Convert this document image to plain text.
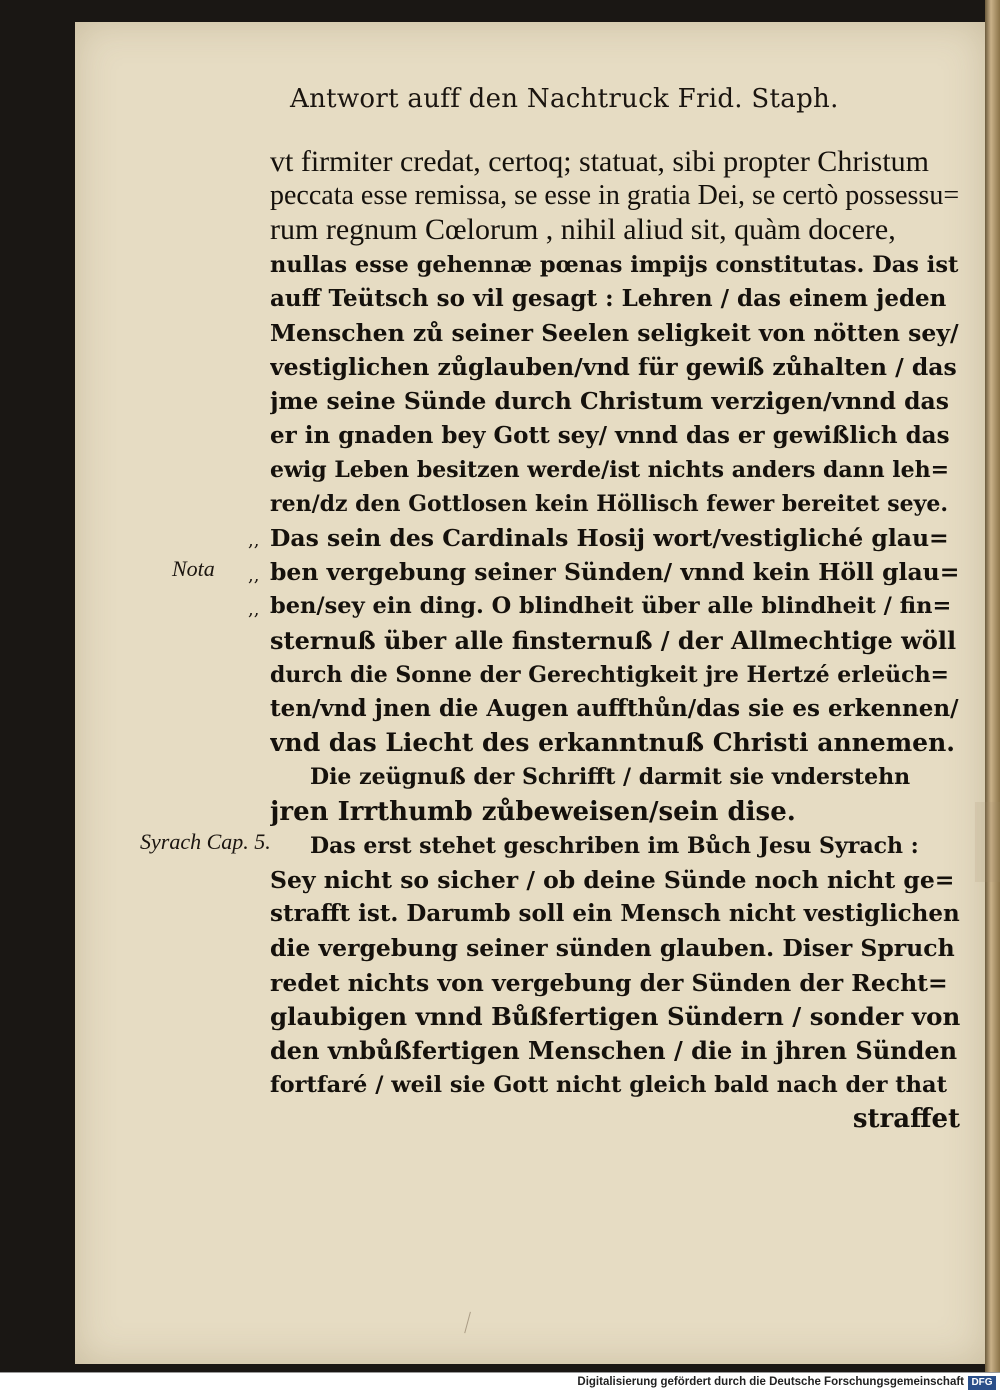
Antwort auff den Nachtruck Frid. Staph.
Nota
Syrach Cap. 5.
,,
,,
,,
vt firmiter credat, certoq; statuat, sibi propter Christum
peccata esse remissa, se esse in gratia Dei, se certò possessu=
rum regnum Cœlorum , nihil aliud sit, quàm docere,
nullas esse gehennæ pœnas impijs constitutas. Das ist
auff Teütsch so vil gesagt : Lehren / das einem jeden
Menschen zů seiner Seelen seligkeit von nötten sey/
vestiglichen zůglauben/vnd für gewiß zůhalten / das
jme seine Sünde durch Christum verzigen/vnnd das
er in gnaden bey Gott sey/ vnnd das er gewißlich das
ewig Leben besitzen werde/ist nichts anders dann leh=
ren/dz den Gottlosen kein Höllisch fewer bereitet seye.
Das sein des Cardinals Hosij wort/vestigliché glau=
ben vergebung seiner Sünden/ vnnd kein Höll glau=
ben/sey ein ding. O blindheit über alle blindheit / fin=
sternuß über alle finsternuß / der Allmechtige wöll
durch die Sonne der Gerechtigkeit jre Hertzé erleüch=
ten/vnd jnen die Augen auffthůn/das sie es erkennen/
vnd das Liecht des erkanntnuß Christi annemen.
Die zeügnuß der Schrifft / darmit sie vnderstehn
jren Irrthumb zůbeweisen/sein dise.
Das erst stehet geschriben im Bůch Jesu Syrach :
Sey nicht so sicher / ob deine Sünde noch nicht ge=
strafft ist. Darumb soll ein Mensch nicht vestiglichen
die vergebung seiner sünden glauben. Diser Spruch
redet nichts von vergebung der Sünden der Recht=
glaubigen vnnd Bůßfertigen Sündern / sonder von
den vnbůßfertigen Menschen / die in jhren Sünden
fortfaré / weil sie Gott nicht gleich bald nach der that
straffet
Digitalisierung gefördert durch die Deutsche Forschungsgemeinschaft DFG
